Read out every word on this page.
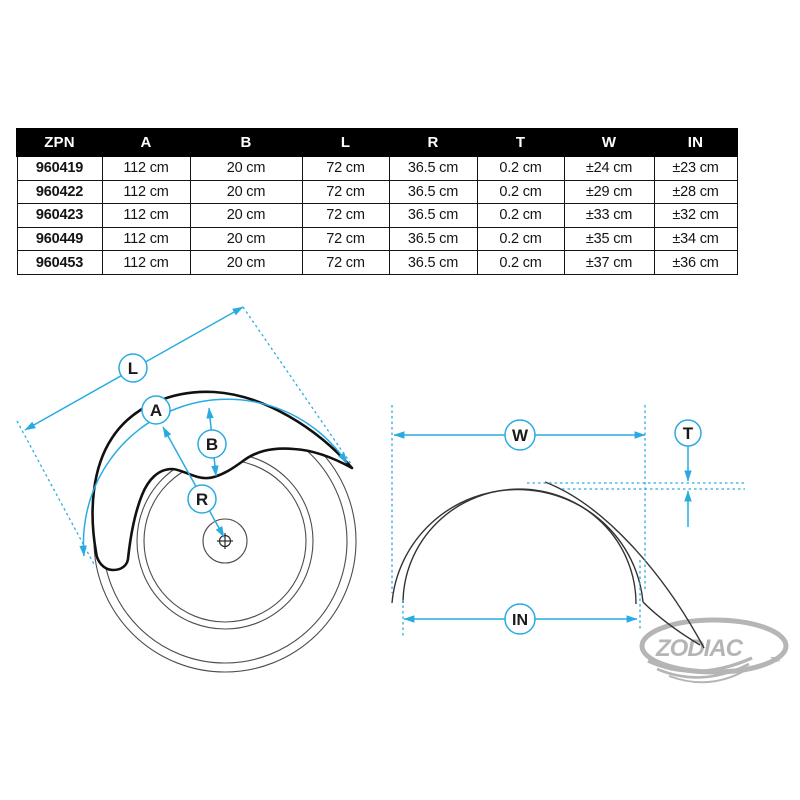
ZPN	A	B	L	R	T	W	IN
960419	112 cm	20 cm	72 cm	36.5 cm	0.2 cm	±24 cm	±23 cm
960422	112 cm	20 cm	72 cm	36.5 cm	0.2 cm	±29 cm	±28 cm
960423	112 cm	20 cm	72 cm	36.5 cm	0.2 cm	±33 cm	±32 cm
960449	112 cm	20 cm	72 cm	36.5 cm	0.2 cm	±35 cm	±34 cm
960453	112 cm	20 cm	72 cm	36.5 cm	0.2 cm	±37 cm	±36 cm
L
A
B
R
ZODIAC	TM
W	T
IN
